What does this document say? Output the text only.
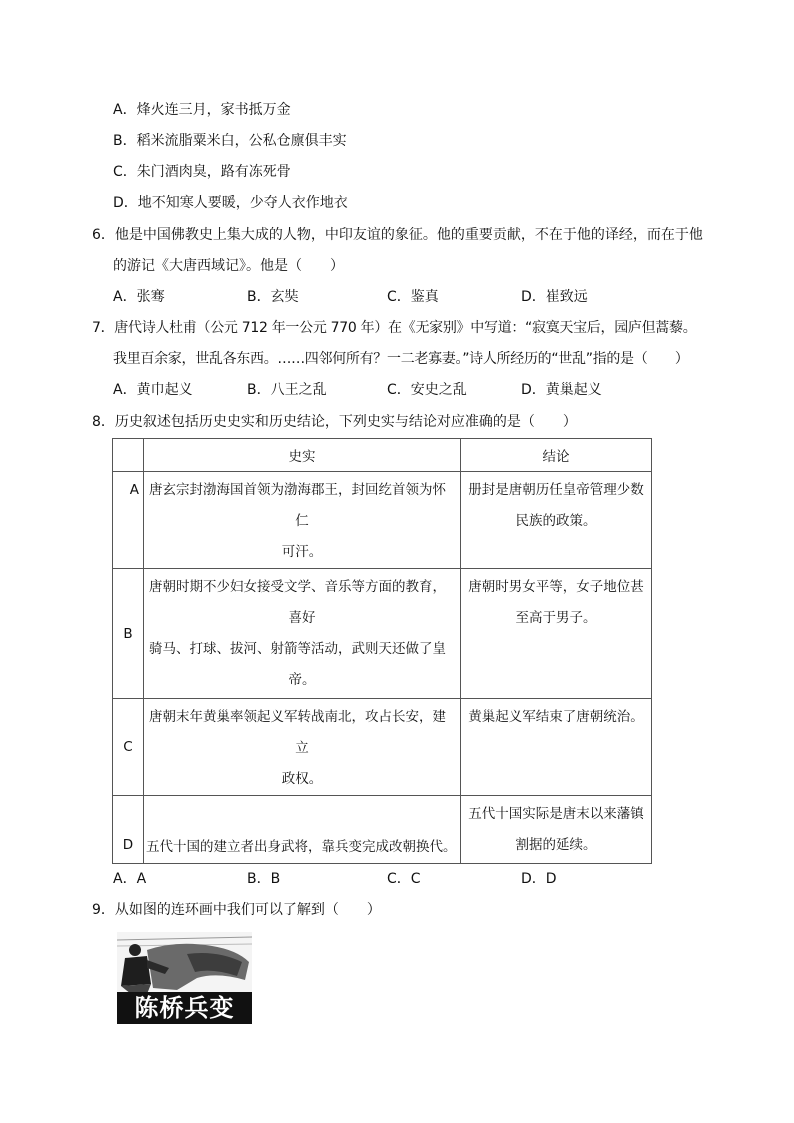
A．烽火连三月，家书抵万金
B．稻米流脂粟米白，公私仓廪俱丰实
C．朱门酒肉臭，路有冻死骨
D．地不知寒人要暖，少夺人衣作地衣
6．他是中国佛教史上集大成的人物，中印友谊的象征。他的重要贡献，不在于他的译经，而在于他
的游记《大唐西域记》。他是（　　）
A．张骞	B．玄奘	C．鉴真	D．崔致远
7．唐代诗人杜甫（公元 712 年一公元 770 年）在《无家别》中写道：“寂寞天宝后，园庐但蒿藜。
我里百余家，世乱各东西。……四邻何所有？一二老寡妻。”诗人所经历的“世乱”指的是（　　）
A．黄巾起义	B．八王之乱	C．安史之乱	D．黄巢起义
8．历史叙述包括历史史实和历史结论，下列史实与结论对应准确的是（　　）
	史实	结论
A	唐玄宗封渤海国首领为渤海郡王，封回纥首领为怀
仁
可汗。	册封是唐朝历任皇帝管理少数
民族的政策。

B	唐朝时期不少妇女接受文学、音乐等方面的教育，
喜好
骑马、打球、拔河、射箭等活动，武则天还做了皇
帝。	唐朝时男女平等，女子地位甚
至高于男子。

C	唐朝末年黄巢率领起义军转战南北，攻占长安，建
立
政权。	黄巢起义军结束了唐朝统治。

D	五代十国的建立者出身武将，靠兵变完成改朝换代。	五代十国实际是唐末以来藩镇
割据的延续。
A．A	B．B	C．C	D．D
9．从如图的连环画中我们可以了解到（　　）
陈桥兵变
